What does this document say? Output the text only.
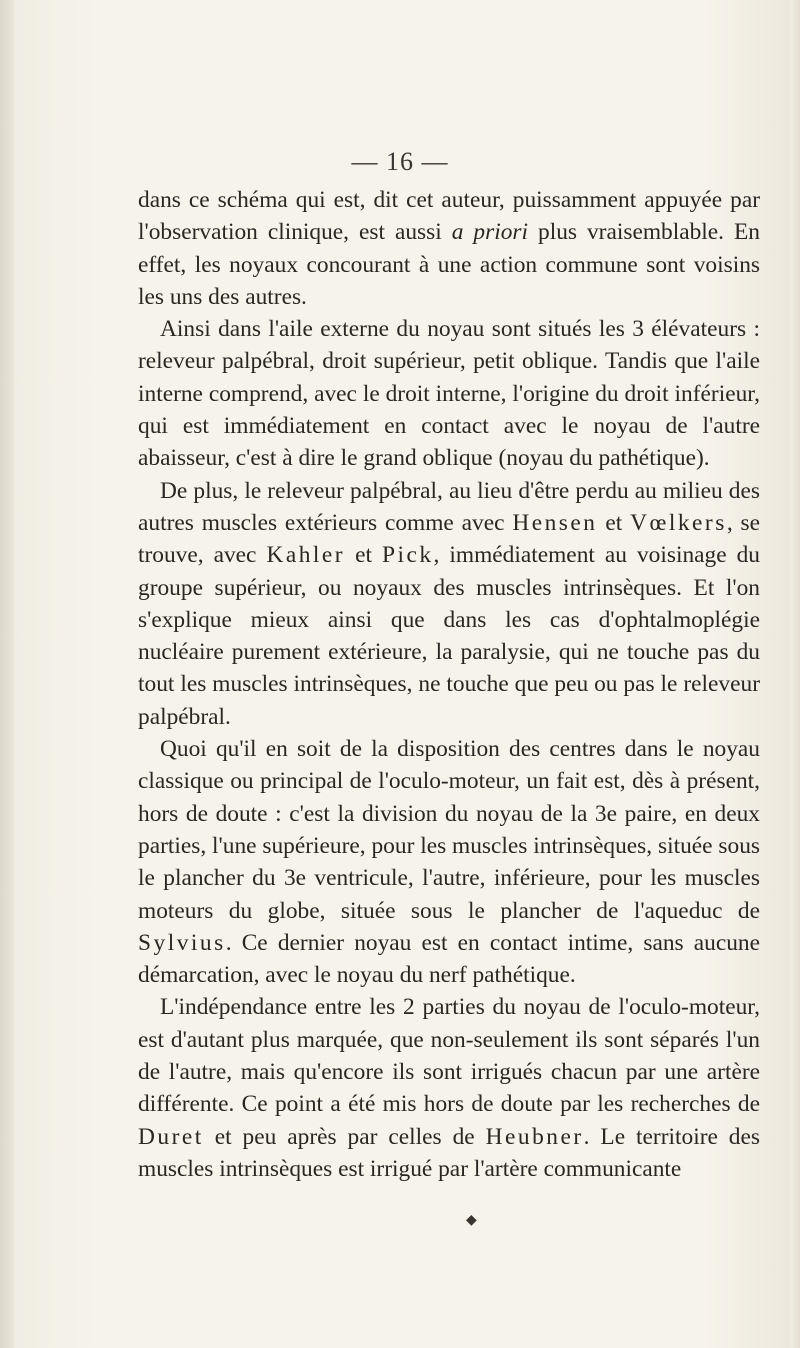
— 16 —

dans ce schéma qui est, dit cet auteur, puissamment appuyée par l'observation clinique, est aussi a priori plus vraisemblable. En effet, les noyaux concourant à une action commune sont voisins les uns des autres.

Ainsi dans l'aile externe du noyau sont situés les 3 élévateurs : releveur palpébral, droit supérieur, petit oblique. Tandis que l'aile interne comprend, avec le droit interne, l'origine du droit inférieur, qui est immédiatement en contact avec le noyau de l'autre abaisseur, c'est à dire le grand oblique (noyau du pathétique).

De plus, le releveur palpébral, au lieu d'être perdu au milieu des autres muscles extérieurs comme avec Hensen et Vœlkers, se trouve, avec Kahler et Pick, immédiatement au voisinage du groupe supérieur, ou noyaux des muscles intrinsèques. Et l'on s'explique mieux ainsi que dans les cas d'ophtalmoplégie nucléaire purement extérieure, la paralysie, qui ne touche pas du tout les muscles intrinsèques, ne touche que peu ou pas le releveur palpébral.

Quoi qu'il en soit de la disposition des centres dans le noyau classique ou principal de l'oculo-moteur, un fait est, dès à présent, hors de doute : c'est la division du noyau de la 3e paire, en deux parties, l'une supérieure, pour les muscles intrinsèques, située sous le plancher du 3e ventricule, l'autre, inférieure, pour les muscles moteurs du globe, située sous le plancher de l'aqueduc de Sylvius. Ce dernier noyau est en contact intime, sans aucune démarcation, avec le noyau du nerf pathétique.

L'indépendance entre les 2 parties du noyau de l'oculo-moteur, est d'autant plus marquée, que non-seulement ils sont séparés l'un de l'autre, mais qu'encore ils sont irrigués chacun par une artère différente. Ce point a été mis hors de doute par les recherches de Duret et peu après par celles de Heubner. Le territoire des muscles intrinsèques est irrigué par l'artère communicante

◆
